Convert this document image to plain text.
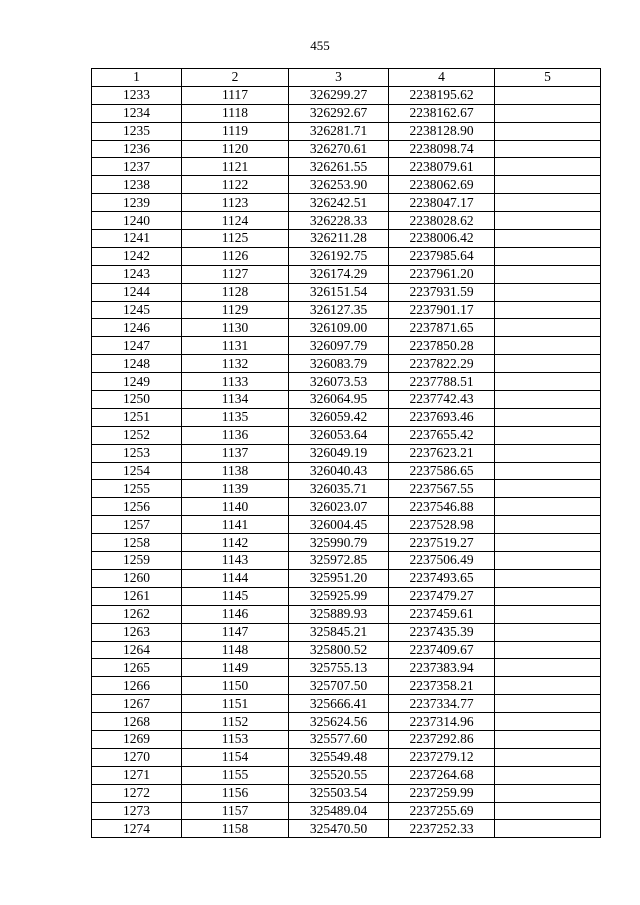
455
1	2	3	4	5
1233	1117	326299.27	2238195.62	
1234	1118	326292.67	2238162.67	
1235	1119	326281.71	2238128.90	
1236	1120	326270.61	2238098.74	
1237	1121	326261.55	2238079.61	
1238	1122	326253.90	2238062.69	
1239	1123	326242.51	2238047.17	
1240	1124	326228.33	2238028.62	
1241	1125	326211.28	2238006.42	
1242	1126	326192.75	2237985.64	
1243	1127	326174.29	2237961.20	
1244	1128	326151.54	2237931.59	
1245	1129	326127.35	2237901.17	
1246	1130	326109.00	2237871.65	
1247	1131	326097.79	2237850.28	
1248	1132	326083.79	2237822.29	
1249	1133	326073.53	2237788.51	
1250	1134	326064.95	2237742.43	
1251	1135	326059.42	2237693.46	
1252	1136	326053.64	2237655.42	
1253	1137	326049.19	2237623.21	
1254	1138	326040.43	2237586.65	
1255	1139	326035.71	2237567.55	
1256	1140	326023.07	2237546.88	
1257	1141	326004.45	2237528.98	
1258	1142	325990.79	2237519.27	
1259	1143	325972.85	2237506.49	
1260	1144	325951.20	2237493.65	
1261	1145	325925.99	2237479.27	
1262	1146	325889.93	2237459.61	
1263	1147	325845.21	2237435.39	
1264	1148	325800.52	2237409.67	
1265	1149	325755.13	2237383.94	
1266	1150	325707.50	2237358.21	
1267	1151	325666.41	2237334.77	
1268	1152	325624.56	2237314.96	
1269	1153	325577.60	2237292.86	
1270	1154	325549.48	2237279.12	
1271	1155	325520.55	2237264.68	
1272	1156	325503.54	2237259.99	
1273	1157	325489.04	2237255.69	
1274	1158	325470.50	2237252.33	
